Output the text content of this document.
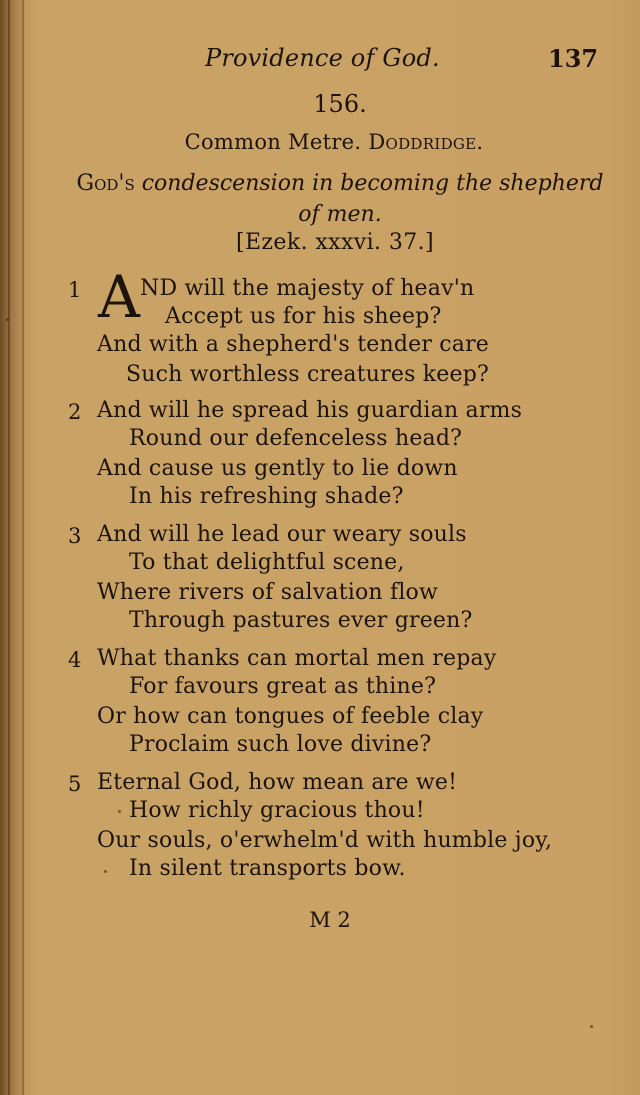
Providence of God.	137
156.
Common Metre. Doddridge.
God's condescension in becoming the shepherd
of men.
[Ezek. xxxvi. 37.]
1 A ND will the majesty of heav'n
Accept us for his sheep?
And with a shepherd's tender care
Such worthless creatures keep?
2 And will he spread his guardian arms
Round our defenceless head?
And cause us gently to lie down
In his refreshing shade?
3 And will he lead our weary souls
To that delightful scene,
Where rivers of salvation flow
Through pastures ever green?
4 What thanks can mortal men repay
For favours great as thine?
Or how can tongues of feeble clay
Proclaim such love divine?
5 Eternal God, how mean are we!
How richly gracious thou!
Our souls, o'erwhelm'd with humble joy,
In silent transports bow.
M 2
